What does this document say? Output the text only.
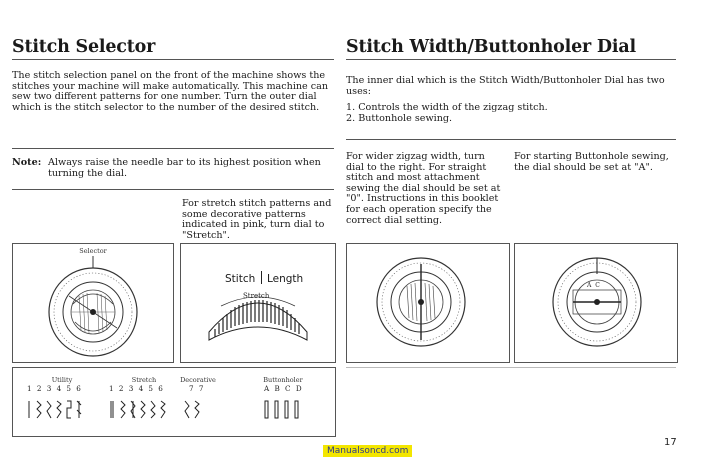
Stitch Selector
The stitch selection panel on the front of the machine shows the stitches your machine will make automatically. This machine can sew two different patterns for one number. Turn the outer dial which is the stitch selector to the number of the desired stitch.
Note: Always raise the needle bar to its highest position when turning the dial.
For stretch stitch patterns and some decorative patterns indicated in pink, turn dial to "Stretch".
Selector
Stitch Length
Stretch
Utility
1 2 3 4 5 6
Stretch
1 2 3 4 5 6
Decorative
7 7
Buttonholer
A B C D
Stitch Width/Buttonholer Dial
The inner dial which is the Stitch Width/Buttonholer Dial has two uses:
1. Controls the width of the zigzag stitch.
2. Buttonhole sewing.
For wider zigzag width, turn dial to the right. For straight stitch and most attachment sewing the dial should be set at "0". Instructions in this booklet for each operation specify the correct dial setting.
For starting Buttonhole sewing, the dial should be set at "A".
A C
17
Manualsoncd.com
